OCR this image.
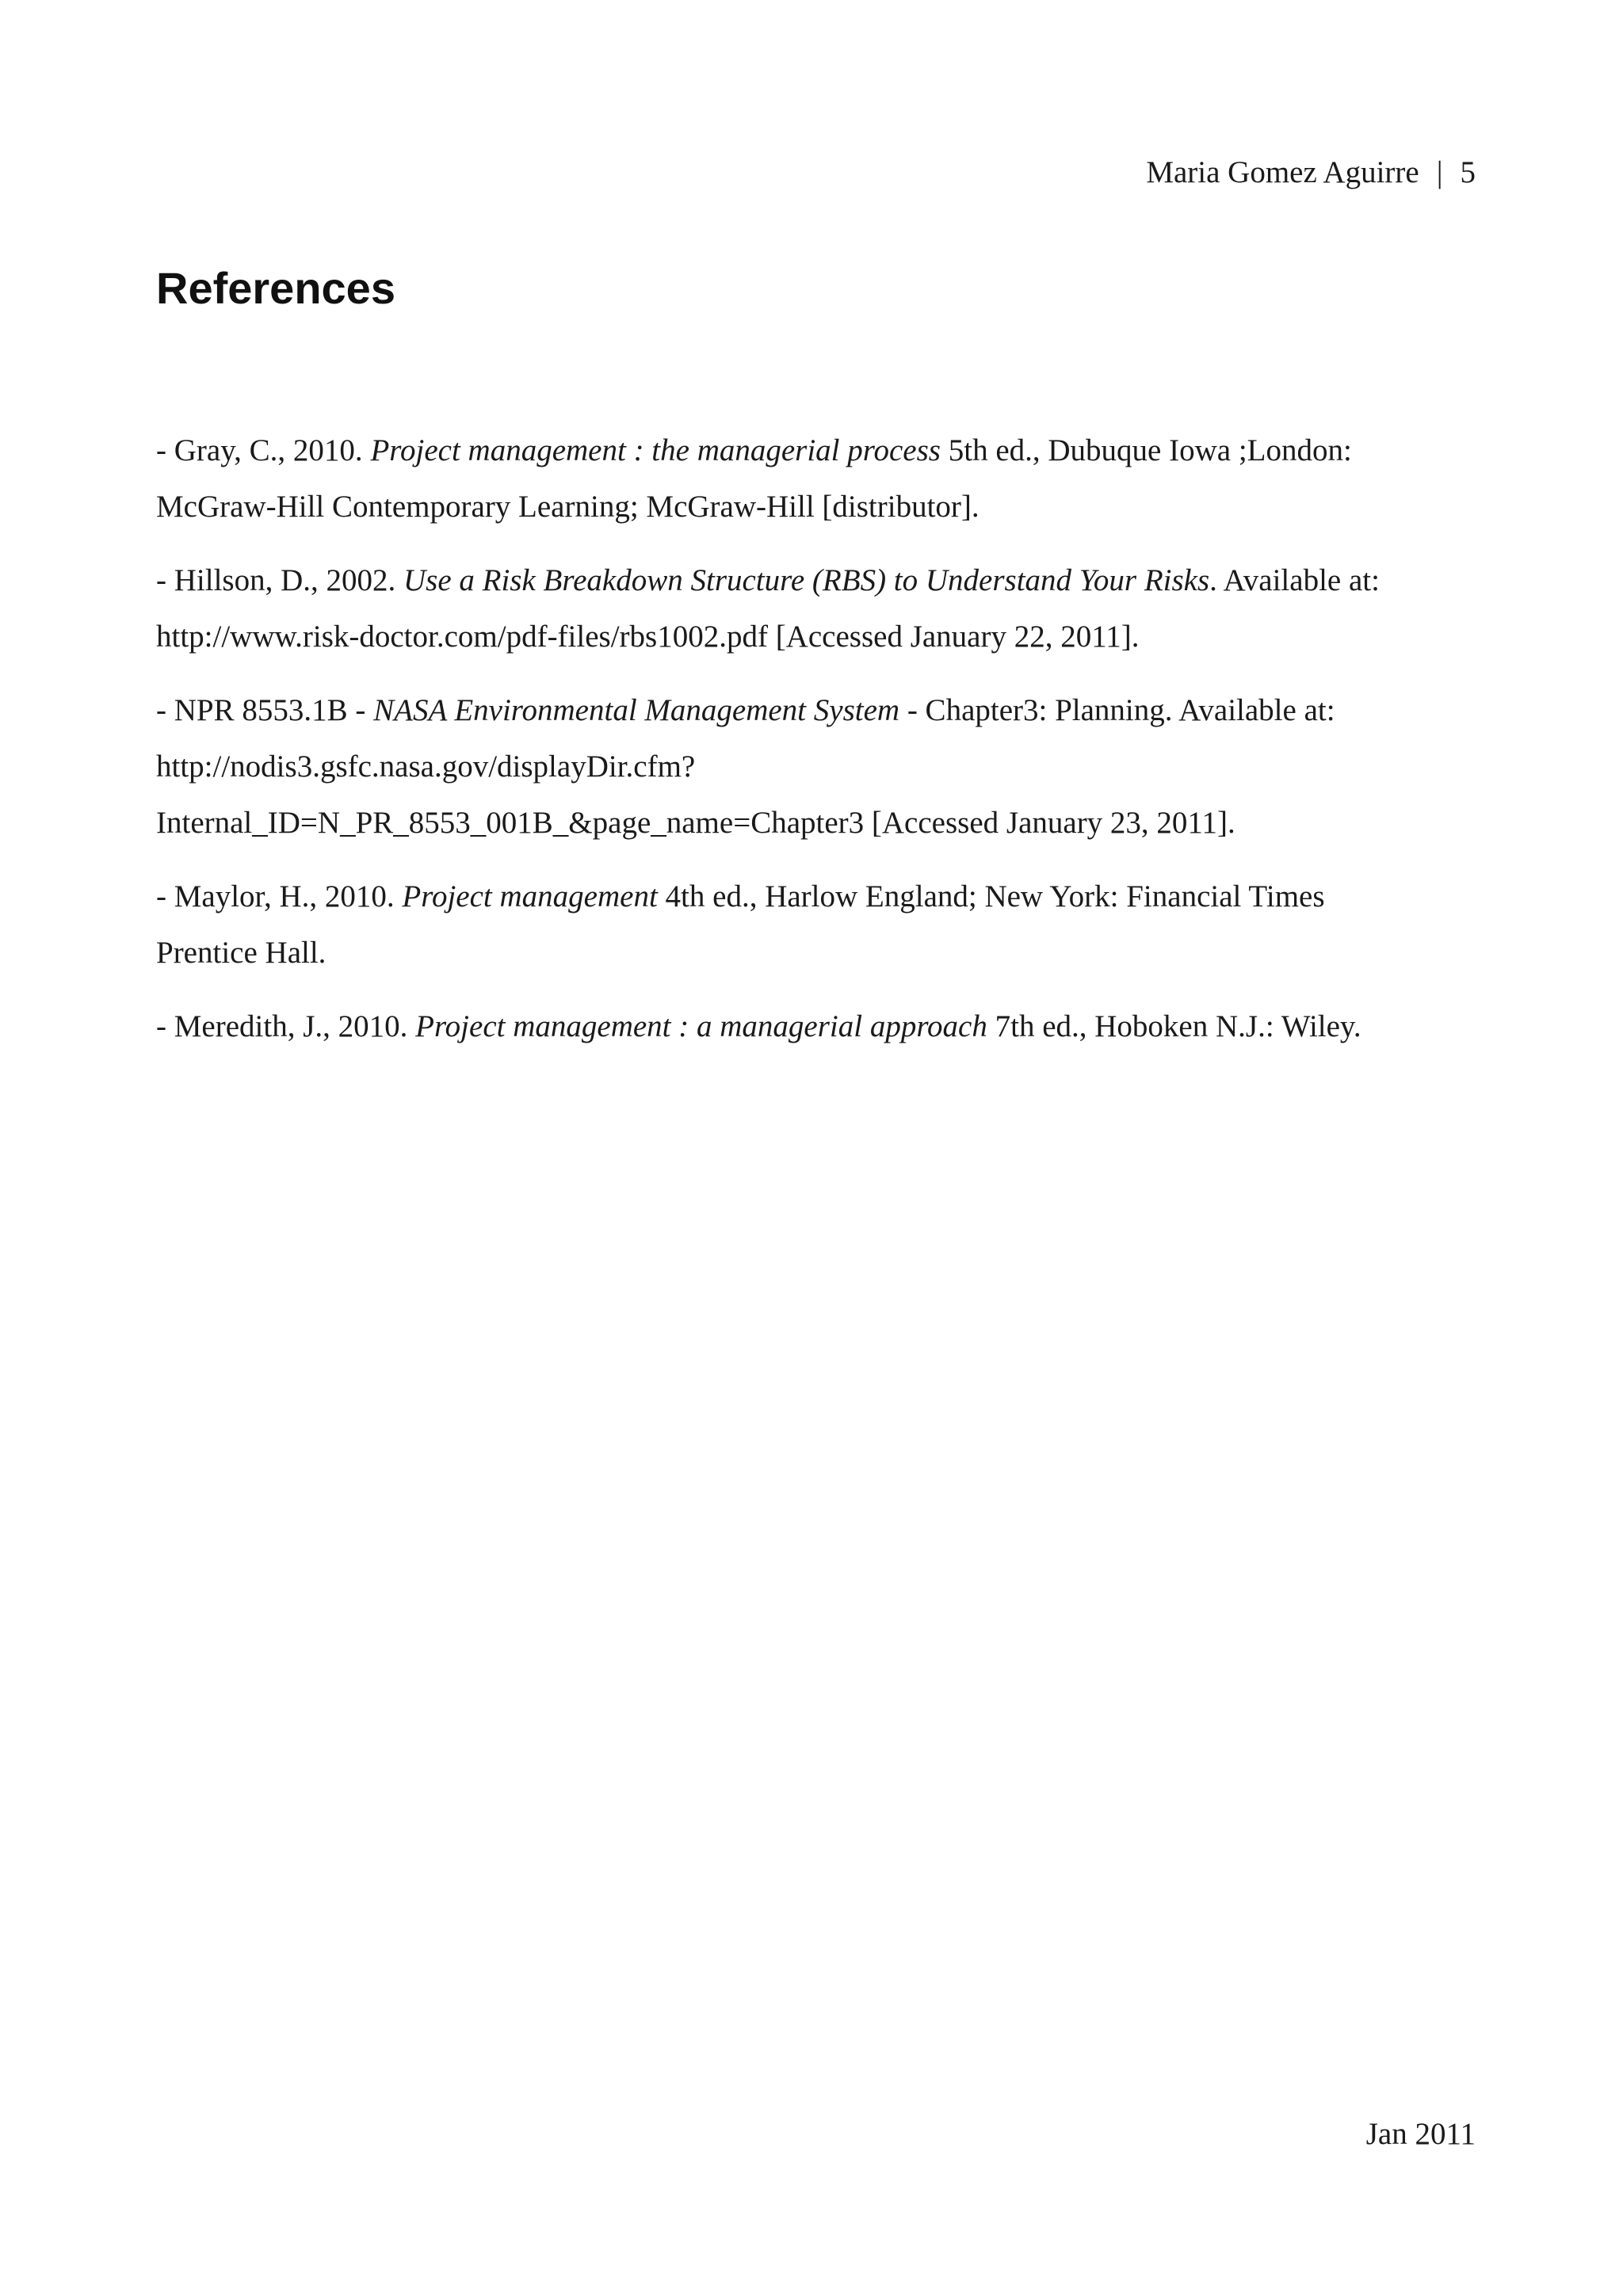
Maria Gomez Aguirre | 5
References
- Gray, C., 2010. Project management : the managerial process 5th ed., Dubuque Iowa ;London:
McGraw-Hill Contemporary Learning; McGraw-Hill [distributor].
- Hillson, D., 2002. Use a Risk Breakdown Structure (RBS) to Understand Your Risks. Available at:
http://www.risk-doctor.com/pdf-files/rbs1002.pdf [Accessed January 22, 2011].
- NPR 8553.1B - NASA Environmental Management System - Chapter3: Planning. Available at:
http://nodis3.gsfc.nasa.gov/displayDir.cfm?
Internal_ID=N_PR_8553_001B_&page_name=Chapter3 [Accessed January 23, 2011].
- Maylor, H., 2010. Project management 4th ed., Harlow England; New York: Financial Times
Prentice Hall.
- Meredith, J., 2010. Project management : a managerial approach 7th ed., Hoboken N.J.: Wiley.
Jan 2011
